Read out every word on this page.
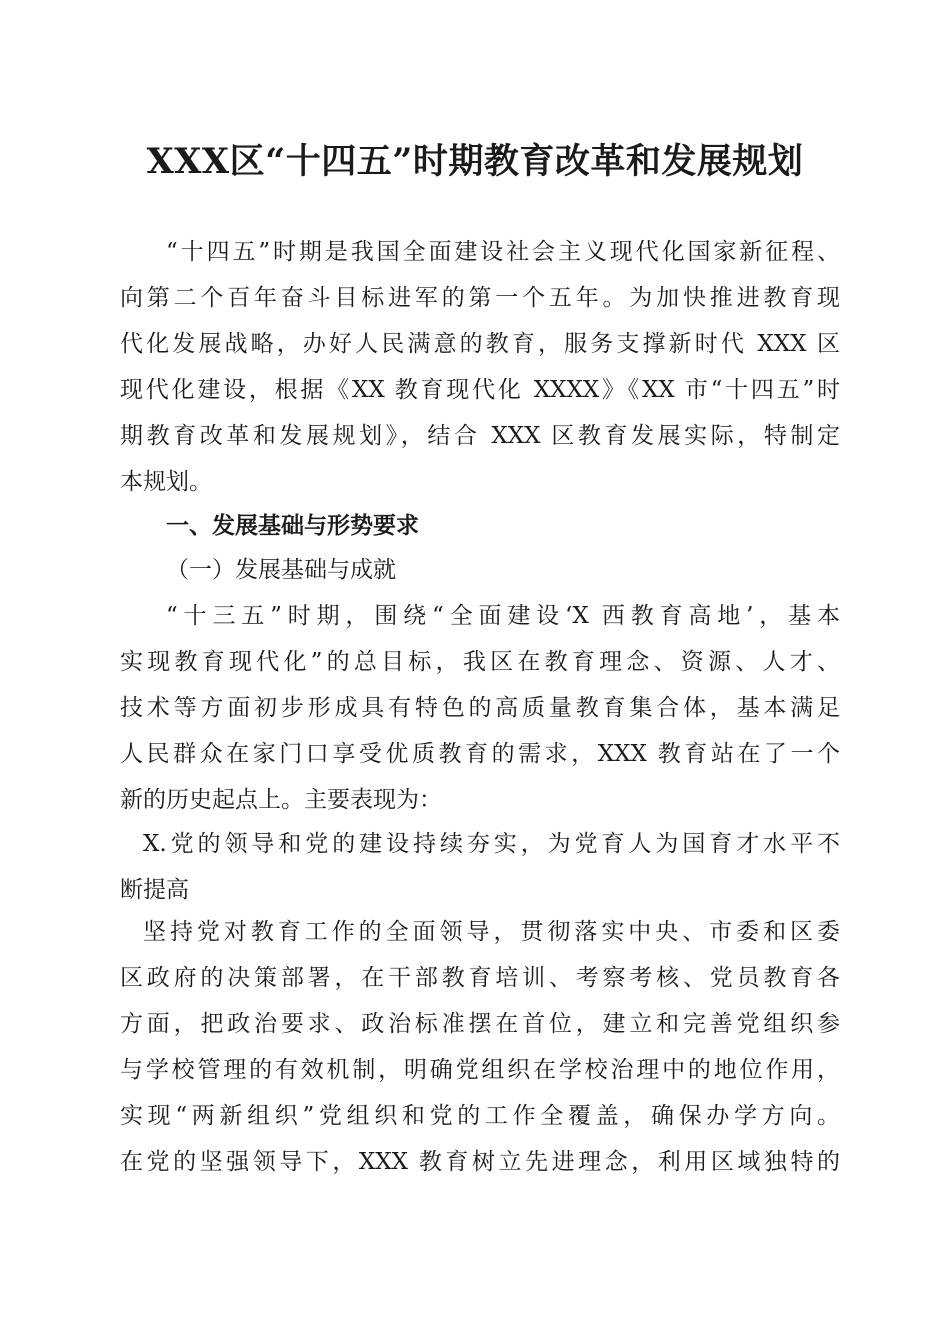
XXX区“十四五”时期教育改革和发展规划
“十四五”时期是我国全面建设社会主义现代化国家新征程、
向第二个百年奋斗目标进军的第一个五年。为加快推进教育现
代化发展战略，办好人民满意的教育，服务支撑新时代 XXX 区
现代化建设，根据《XX 教育现代化 XXXX》《XX 市“十四五”时
期教育改革和发展规划》，结合 XXX 区教育发展实际，特制定
本规划。
一、发展基础与形势要求
（一）发展基础与成就
“十三五”时期，围绕“全面建设‘X 西教育高地’，基本
实现教育现代化”的总目标，我区在教育理念、资源、人才、
技术等方面初步形成具有特色的高质量教育集合体，基本满足
人民群众在家门口享受优质教育的需求，XXX 教育站在了一个
新的历史起点上。主要表现为：
X.党的领导和党的建设持续夯实，为党育人为国育才水平不
断提高
坚持党对教育工作的全面领导，贯彻落实中央、市委和区委
区政府的决策部署，在干部教育培训、考察考核、党员教育各
方面，把政治要求、政治标准摆在首位，建立和完善党组织参
与学校管理的有效机制，明确党组织在学校治理中的地位作用，
实现“两新组织”党组织和党的工作全覆盖，确保办学方向。
在党的坚强领导下，XXX 教育树立先进理念，利用区域独特的
